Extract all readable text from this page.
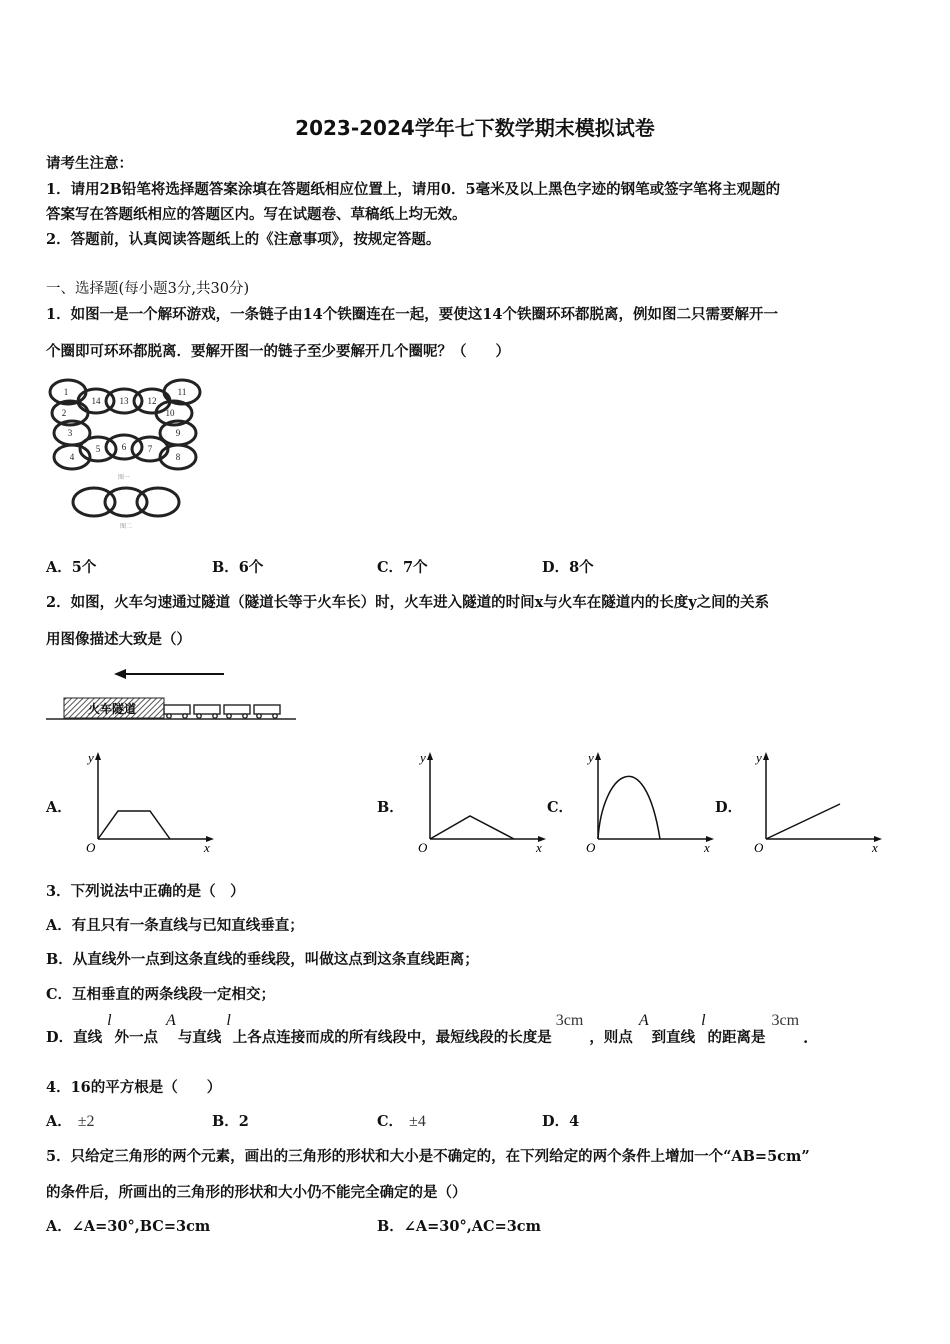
2023-2024学年七下数学期末模拟试卷
请考生注意：
1．请用2B铅笔将选择题答案涂填在答题纸相应位置上，请用0．5毫米及以上黑色字迹的钢笔或签字笔将主观题的
答案写在答题纸相应的答题区内。写在试题卷、草稿纸上均无效。
2．答题前，认真阅读答题纸上的《注意事项》，按规定答题。
一、选择题(每小题3分,共30分)
1．如图一是一个解环游戏，一条链子由14个铁圈连在一起，要使这14个铁圈环环都脱离，例如图二只需要解开一
个圈即可环环都脱离．要解开图一的链子至少要解开几个圈呢？（　　）
1
14 13 12
11
2	10
3	9
4
5 6 7
8
图一
图二
A．5个	B．6个	C．7个	D．8个
2．如图，火车匀速通过隧道（隧道长等于火车长）时，火车进入隧道的时间x与火车在隧道内的长度y之间的关系
用图像描述大致是（）
火车隧道
A．	B．	C．	D．
y
x
O
y
x
O
y
x
O
y
x
O
3．下列说法中正确的是（　）
A．有且只有一条直线与已知直线垂直；
B．从直线外一点到这条直线的垂线段，叫做这点到这条直线距离；
C．互相垂直的两条线段一定相交；
D．直线
l
外一点
A
与直线
l
上各点连接而成的所有线段中，最短线段的长度是
3cm
，则点
A
到直线
l
的距离是
3cm
.
4．16的平方根是（　　）
A． ±2	B．2	C． ±4	D．4
5．只给定三角形的两个元素，画出的三角形的形状和大小是不确定的，在下列给定的两个条件上增加一个“AB=5cm”
的条件后，所画出的三角形的形状和大小仍不能完全确定的是（）
A．∠A=30°,BC=3cm	B．∠A=30°,AC=3cm
